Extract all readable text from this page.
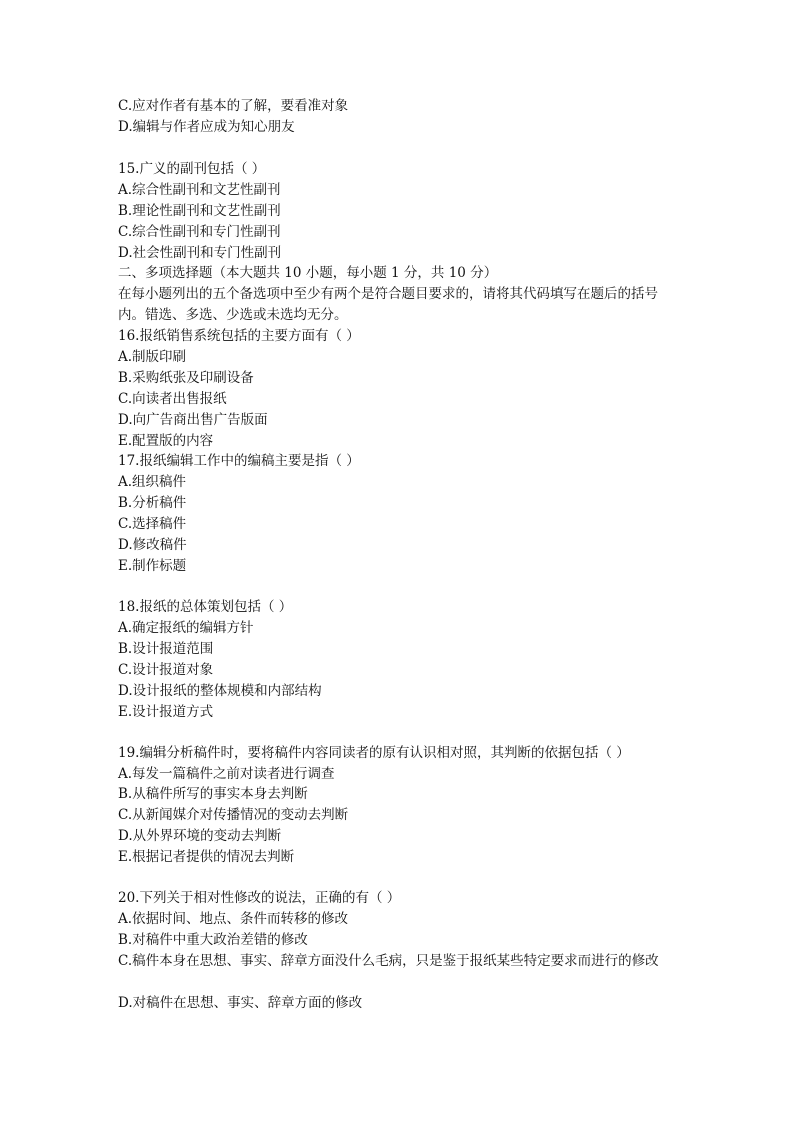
C.应对作者有基本的了解，要看准对象
D.编辑与作者应成为知心朋友
15.广义的副刊包括（ ）
A.综合性副刊和文艺性副刊
B.理论性副刊和文艺性副刊
C.综合性副刊和专门性副刊
D.社会性副刊和专门性副刊
二、多项选择题（本大题共 10 小题，每小题 1 分，共 10 分）
在每小题列出的五个备选项中至少有两个是符合题目要求的，请将其代码填写在题后的括号内。错选、多选、少选或未选均无分。
16.报纸销售系统包括的主要方面有（ ）
A.制版印刷
B.采购纸张及印刷设备
C.向读者出售报纸
D.向广告商出售广告版面
E.配置版的内容
17.报纸编辑工作中的编稿主要是指（ ）
A.组织稿件
B.分析稿件
C.选择稿件
D.修改稿件
E.制作标题
18.报纸的总体策划包括（ ）
A.确定报纸的编辑方针
B.设计报道范围
C.设计报道对象
D.设计报纸的整体规模和内部结构
E.设计报道方式
19.编辑分析稿件时，要将稿件内容同读者的原有认识相对照，其判断的依据包括（ ）
A.每发一篇稿件之前对读者进行调查
B.从稿件所写的事实本身去判断
C.从新闻媒介对传播情况的变动去判断
D.从外界环境的变动去判断
E.根据记者提供的情况去判断
20.下列关于相对性修改的说法，正确的有（ ）
A.依据时间、地点、条件而转移的修改
B.对稿件中重大政治差错的修改
C.稿件本身在思想、事实、辞章方面没什么毛病，只是鉴于报纸某些特定要求而进行的修改
D.对稿件在思想、事实、辞章方面的修改
